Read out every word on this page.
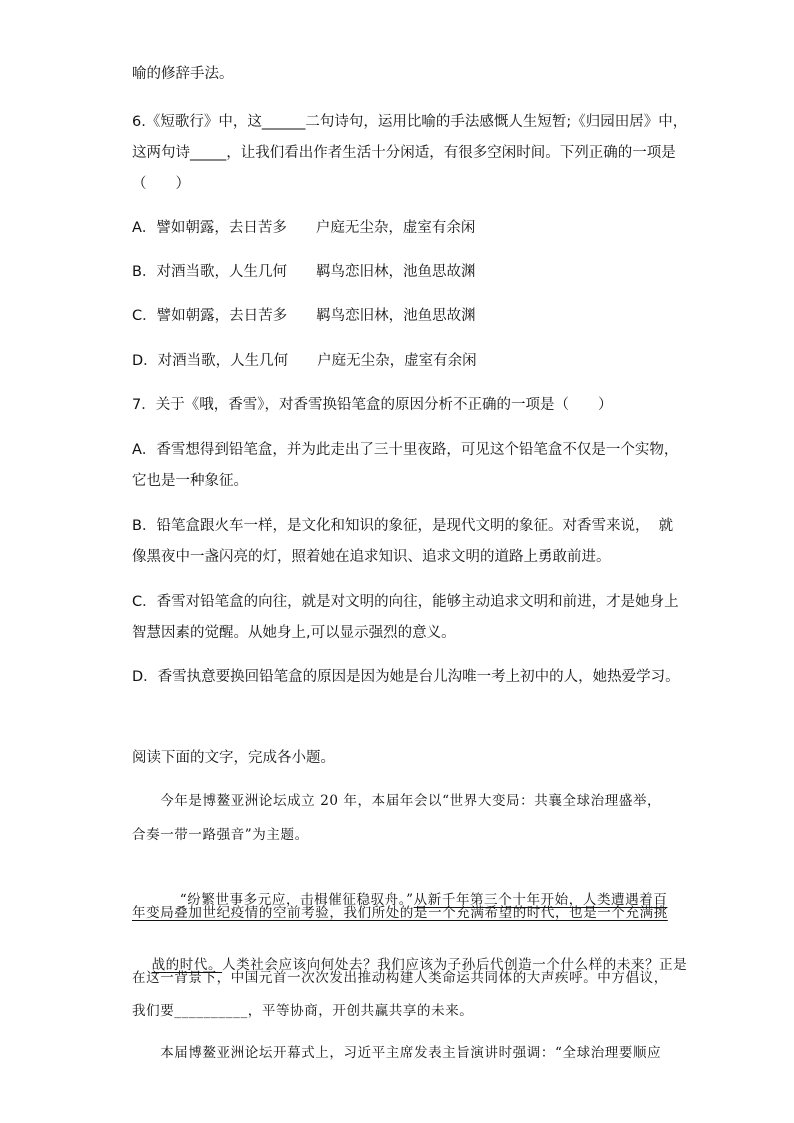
喻的修辞手法。
6.《短歌行》中，这______二句诗句，运用比喻的手法感慨人生短暂;《归园田居》中，
这两句诗_____，让我们看出作者生活十分闲适，有很多空闲时间。下列正确的一项是
（　　）
A．譬如朝露，去日苦多　　户庭无尘杂，虚室有余闲
B．对酒当歌，人生几何　　羁鸟恋旧林，池鱼思故渊
C．譬如朝露，去日苦多　　羁鸟恋旧林，池鱼思故渊
D．对酒当歌，人生几何　　户庭无尘杂，虚室有余闲
7．关于《哦，香雪》，对香雪换铅笔盒的原因分析不正确的一项是（　　）
A．香雪想得到铅笔盒，并为此走出了三十里夜路，可见这个铅笔盒不仅是一个实物，
它也是一种象征。
B．铅笔盒跟火车一样，是文化和知识的象征，是现代文明的象征。对香雪来说，  就
像黑夜中一盏闪亮的灯，照着她在追求知识、追求文明的道路上勇敢前进。
C．香雪对铅笔盒的向往，就是对文明的向往，能够主动追求文明和前进，才是她身上
智慧因素的觉醒。从她身上,可以显示强烈的意义。
D．香雪执意要换回铅笔盒的原因是因为她是台儿沟唯一考上初中的人，她热爱学习。
阅读下面的文字，完成各小题。
　　今年是博鳌亚洲论坛成立 20 年，本届年会以“世界大变局：共襄全球治理盛举，
合奏一带一路强音”为主题。

　　“纷繁世事多元应，击楫催征稳驭舟。”从新千年第三个十年开始，人类遭遇着百

年变局叠加世纪疫情的空前考验，我们所处的是一个充满希望的时代，也是一个充满挑

战的时代。人类社会应该向何处去？我们应该为子孙后代创造一个什么样的未来？正是

在这一背景下，中国元首一次次发出推动构建人类命运共同体的大声疾呼。中方倡议，
我们要__________，平等协商，开创共赢共享的未来。
　　本届博鳌亚洲论坛开幕式上，习近平主席发表主旨演讲时强调：“全球治理要顺应
